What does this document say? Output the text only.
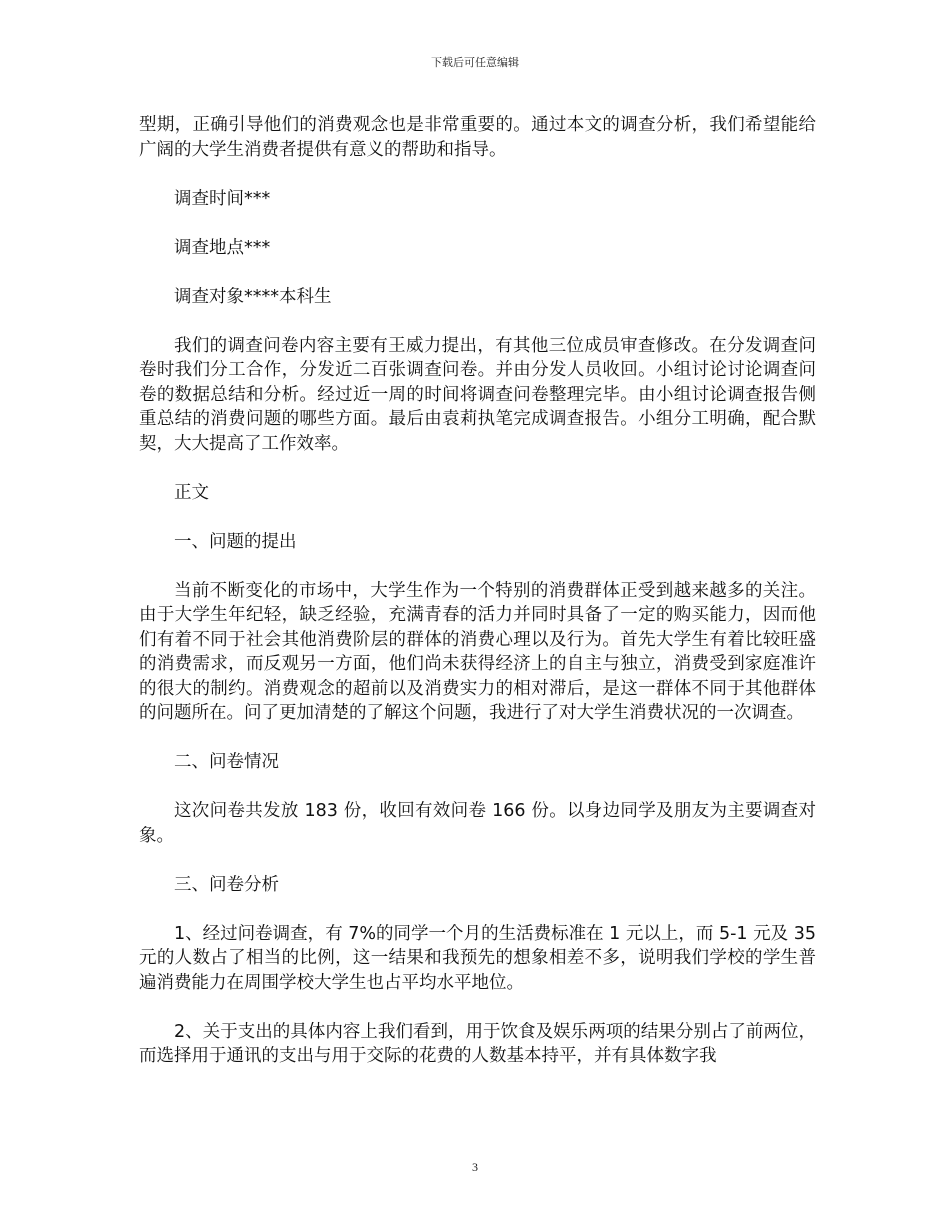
下载后可任意编辑

型期，正确引导他们的消费观念也是非常重要的。通过本文的调查分析，我们希望能给广阔的大学生消费者提供有意义的帮助和指导。

调查时间***

调查地点***

调查对象****本科生

我们的调查问卷内容主要有王威力提出，有其他三位成员审查修改。在分发调查问卷时我们分工合作，分发近二百张调查问卷。并由分发人员收回。小组讨论讨论调查问卷的数据总结和分析。经过近一周的时间将调查问卷整理完毕。由小组讨论调查报告侧重总结的消费问题的哪些方面。最后由袁莉执笔完成调查报告。小组分工明确，配合默契，大大提高了工作效率。

正文

一、问题的提出

当前不断变化的市场中，大学生作为一个特别的消费群体正受到越来越多的关注。由于大学生年纪轻，缺乏经验，充满青春的活力并同时具备了一定的购买能力，因而他们有着不同于社会其他消费阶层的群体的消费心理以及行为。首先大学生有着比较旺盛的消费需求，而反观另一方面，他们尚未获得经济上的自主与独立，消费受到家庭准许的很大的制约。消费观念的超前以及消费实力的相对滞后，是这一群体不同于其他群体的问题所在。问了更加清楚的了解这个问题，我进行了对大学生消费状况的一次调查。

二、问卷情况

这次问卷共发放 183 份，收回有效问卷 166 份。以身边同学及朋友为主要调查对象。

三、问卷分析

1、经过问卷调查，有 7%的同学一个月的生活费标准在 1 元以上，而 5-1 元及 35 元的人数占了相当的比例，这一结果和我预先的想象相差不多，说明我们学校的学生普遍消费能力在周围学校大学生也占平均水平地位。

2、关于支出的具体内容上我们看到，用于饮食及娱乐两项的结果分别占了前两位，而选择用于通讯的支出与用于交际的花费的人数基本持平，并有具体数字我

3
